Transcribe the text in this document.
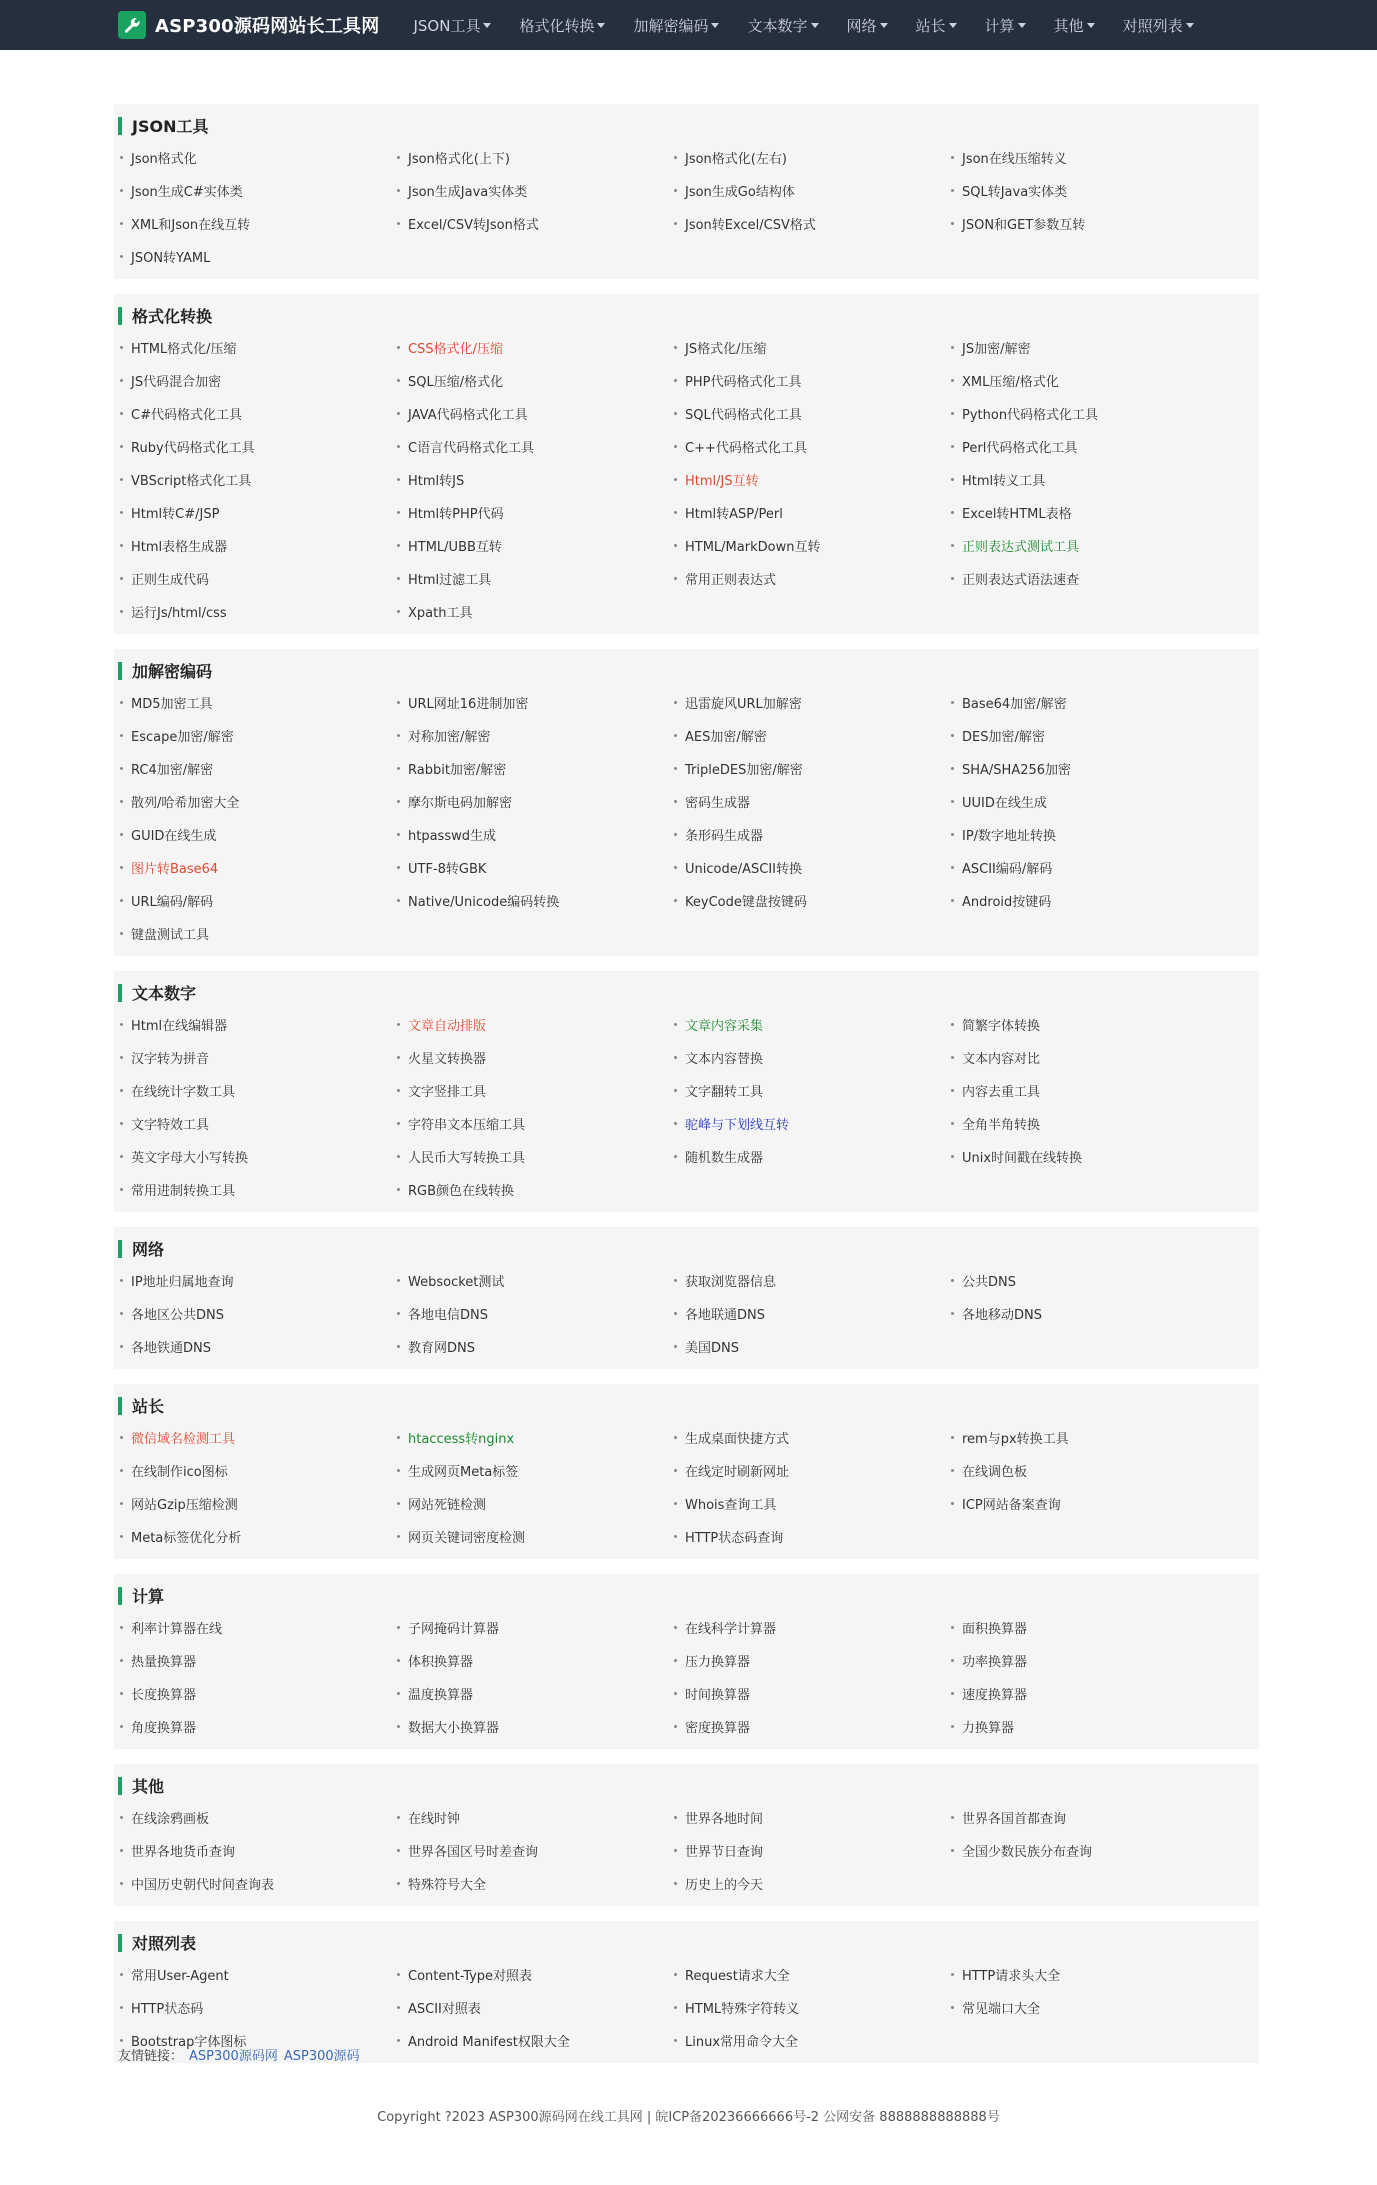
ASP300源码网站长工具网 JSON工具	格式化转换	加解密编码	文本数字	网络	站长	计算	其他	对照列表
JSON工具
Json格式化	Json格式化(上下)	Json格式化(左右)	Json在线压缩转义
Json生成C#实体类	Json生成Java实体类	Json生成Go结构体	SQL转Java实体类
XML和Json在线互转	Excel/CSV转Json格式	Json转Excel/CSV格式	JSON和GET参数互转
JSON转YAML
格式化转换
HTML格式化/压缩	CSS格式化/压缩	JS格式化/压缩	JS加密/解密
JS代码混合加密	SQL压缩/格式化	PHP代码格式化工具	XML压缩/格式化
C#代码格式化工具	JAVA代码格式化工具	SQL代码格式化工具	Python代码格式化工具
Ruby代码格式化工具	C语言代码格式化工具	C++代码格式化工具	Perl代码格式化工具
VBScript格式化工具	Html转JS	Html/JS互转	Html转义工具
Html转C#/JSP	Html转PHP代码	Html转ASP/Perl	Excel转HTML表格
Html表格生成器	HTML/UBB互转	HTML/MarkDown互转	正则表达式测试工具
正则生成代码	Html过滤工具	常用正则表达式	正则表达式语法速查
运行Js/html/css	Xpath工具
加解密编码
MD5加密工具	URL网址16进制加密	迅雷旋风URL加解密	Base64加密/解密
Escape加密/解密	对称加密/解密	AES加密/解密	DES加密/解密
RC4加密/解密	Rabbit加密/解密	TripleDES加密/解密	SHA/SHA256加密
散列/哈希加密大全	摩尔斯电码加解密	密码生成器	UUID在线生成
GUID在线生成	htpasswd生成	条形码生成器	IP/数字地址转换
图片转Base64	UTF-8转GBK	Unicode/ASCII转换	ASCII编码/解码
URL编码/解码	Native/Unicode编码转换	KeyCode键盘按键码	Android按键码
键盘测试工具
文本数字
Html在线编辑器	文章自动排版	文章内容采集	简繁字体转换
汉字转为拼音	火星文转换器	文本内容替换	文本内容对比
在线统计字数工具	文字竖排工具	文字翻转工具	内容去重工具
文字特效工具	字符串文本压缩工具	驼峰与下划线互转	全角半角转换
英文字母大小写转换	人民币大写转换工具	随机数生成器	Unix时间戳在线转换
常用进制转换工具	RGB颜色在线转换
网络
IP地址归属地查询	Websocket测试	获取浏览器信息	公共DNS
各地区公共DNS	各地电信DNS	各地联通DNS	各地移动DNS
各地铁通DNS	教育网DNS	美国DNS
站长
微信域名检测工具	htaccess转nginx	生成桌面快捷方式	rem与px转换工具
在线制作ico图标	生成网页Meta标签	在线定时刷新网址	在线调色板
网站Gzip压缩检测	网站死链检测	Whois查询工具	ICP网站备案查询
Meta标签优化分析	网页关键词密度检测	HTTP状态码查询
计算
利率计算器在线	子网掩码计算器	在线科学计算器	面积换算器
热量换算器	体积换算器	压力换算器	功率换算器
长度换算器	温度换算器	时间换算器	速度换算器
角度换算器	数据大小换算器	密度换算器	力换算器
其他
在线涂鸦画板	在线时钟	世界各地时间	世界各国首都查询
世界各地货币查询	世界各国区号时差查询	世界节日查询	全国少数民族分布查询
中国历史朝代时间查询表	特殊符号大全	历史上的今天
对照列表
常用User-Agent	Content-Type对照表	Request请求大全	HTTP请求头大全
HTTP状态码	ASCII对照表	HTML特殊字符转义	常见端口大全
Bootstrap字体图标	Android Manifest权限大全	Linux常用命令大全
友情链接： ASP300源码网 ASP300源码
Copyright ?2023 ASP300源码网在线工具网 | 皖ICP备20236666666号-2 公网安备 8888888888888号
